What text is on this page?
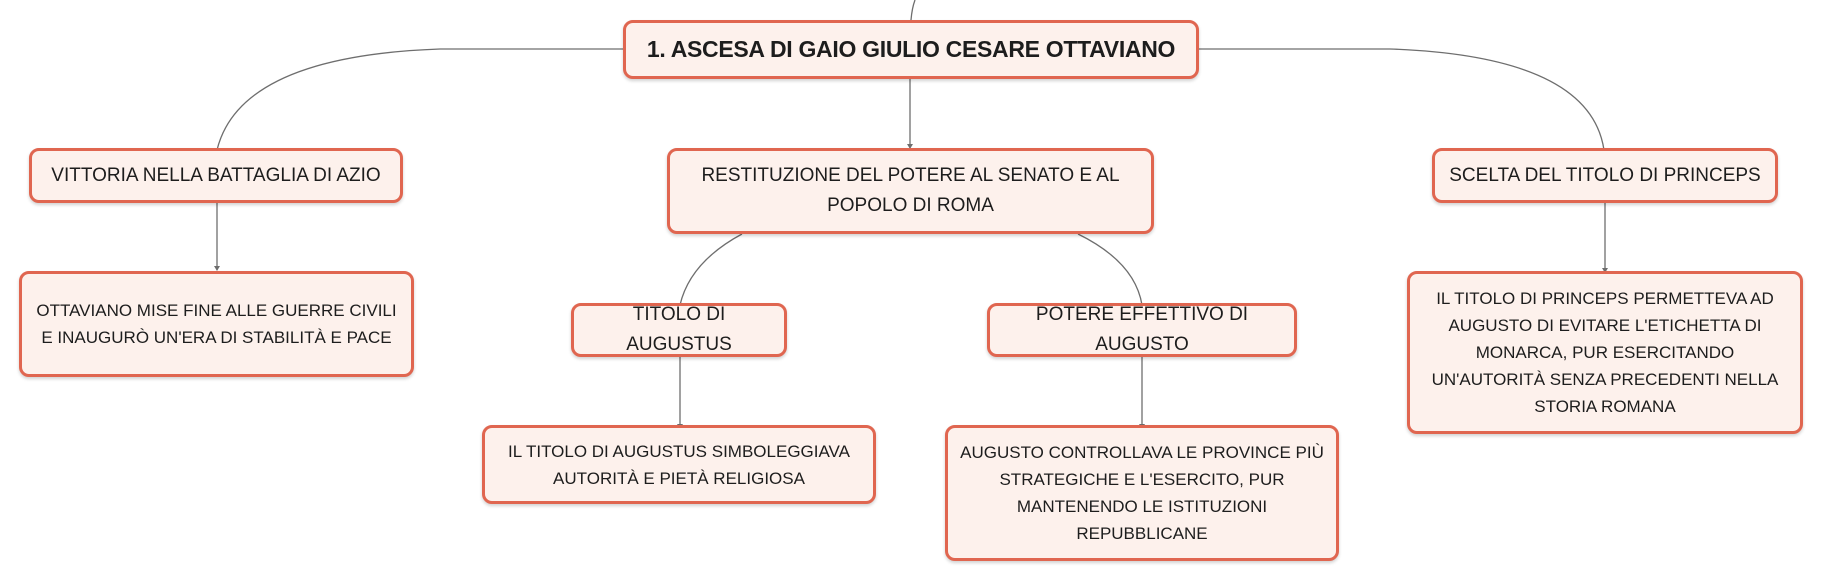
1. ASCESA DI GAIO GIULIO CESARE OTTAVIANO
VITTORIA NELLA BATTAGLIA DI AZIO	RESTITUZIONE DEL POTERE AL SENATO E AL POPOLO DI ROMA
SCELTA DEL TITOLO DI PRINCEPS
OTTAVIANO MISE FINE ALLE GUERRE CIVILI E INAUGURÒ UN'ERA DI STABILITÀ E PACE
TITOLO DI AUGUSTUS
POTERE EFFETTIVO DI AUGUSTO
IL TITOLO DI PRINCEPS PERMETTEVA AD AUGUSTO DI EVITARE L'ETICHETTA DI MONARCA, PUR ESERCITANDO UN'AUTORITÀ SENZA PRECEDENTI NELLA STORIA ROMANA
IL TITOLO DI AUGUSTUS SIMBOLEGGIAVA AUTORITÀ E PIETÀ RELIGIOSA
AUGUSTO CONTROLLAVA LE PROVINCE PIÙ STRATEGICHE E L'ESERCITO, PUR MANTENENDO LE ISTITUZIONI REPUBBLICANE
